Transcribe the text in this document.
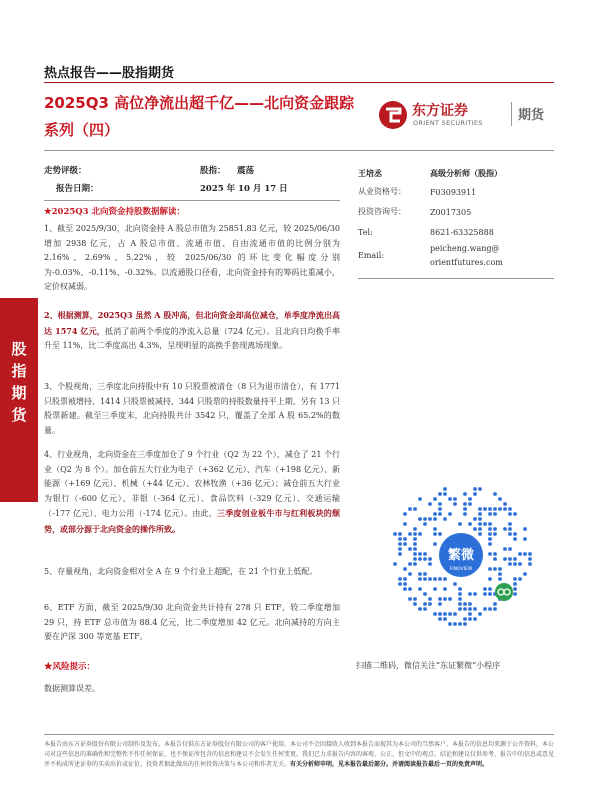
热点报告——股指期货
2025Q3 高位净流出超千亿——北向资金跟踪系列（四）
东方证券
ORIENT SECURITIES	期货
走势评级：	股指： 震荡
报告日期：	2025 年 10 月 17 日
★2025Q3 北向资金持股数据解读：
1、截至 2025/9/30，北向资金持 A 股总市值为 25851.83 亿元，较 2025/06/30 增加 2938 亿元，占 A 股总市值、流通市值、自由流通市值的比例分别为 2.16%、2.69%、5.22%，较 2025/06/30 的环比变化幅度分别为-0.03%、-0.11%、-0.32%。以流通股口径看，北向资金持有的筹码比重减小，定价权减弱。
2、根据测算，2025Q3 虽然 A 股冲高，但北向资金却高位减仓，单季度净流出高达 1574 亿元，抵消了前两个季度的净流入总量（724 亿元）。且北向日均换手率升至 11%，比二季度高出 4.3%，呈现明显的高换手套现离场现象。
3、个股视角，三季度北向持股中有 10 只股票被清仓（8 只为退市清仓），有 1771 只股票被增持、1414 只股票被减持，344 只股票的持股数量持平上期，另有 13 只股票新建。截至三季度末，北向持股共计 3542 只，覆盖了全部 A 股 65.2%的数量。
4、行业视角，北向资金在三季度加仓了 9 个行业（Q2 为 22 个），减仓了 21 个行业（Q2 为 8 个）。加仓前五大行业为电子（+362 亿元）、汽车（+198 亿元）、新能源（+169 亿元）、机械（+44 亿元）、农林牧渔（+36 亿元）；减仓前五大行业为银行（-600 亿元）、非银（-364 亿元）、食品饮料（-329 亿元）、交通运输（-177 亿元）、电力公用（-174 亿元）。由此，三季度创业板牛市与红利板块的颓势，或部分源于北向资金的操作所致。
5、存量视角，北向资金相对全 A 在 9 个行业上超配，在 21 个行业上低配。
6、ETF 方面，截至 2025/9/30 北向资金共计持有 278 只 ETF，较二季度增加 29 只，持 ETF 总市值为 88.4 亿元，比二季度增加 42 亿元。北向减持的方向主要在沪深 300 等宽基 ETF。
★风险提示：
数据测算误差。
股指期货
王培丞	高级分析师（股指）
从业资格号：	F03093911
投资咨询号：	Z0017305
Tel:	8621-63325888
Email:
peicheng.wang@
orientfutures.com
繁微
FINOVIEW
扫描二维码，微信关注“东证繁微”小程序
本报告由东方证券股份有限公司制作及发布。本报告仅供东方证券股份有限公司的客户使用。本公司不会因接收人收到本报告而视其为本公司的当然客户。本报告的信息均来源于公开资料，本公司对这些信息的准确性和完整性不作任何保证，也不保证所包含的信息和建议不会发生任何变更。我们已力求报告内容的客观、公正，但文中的观点、结论和建议仅供参考，报告中的信息或意见并不构成所述证券的买卖出价或征价，投资者据此做出的任何投资决策与本公司和作者无关。有关分析师申明，见本报告最后部分。并请阅读报告最后一页的免责声明。
